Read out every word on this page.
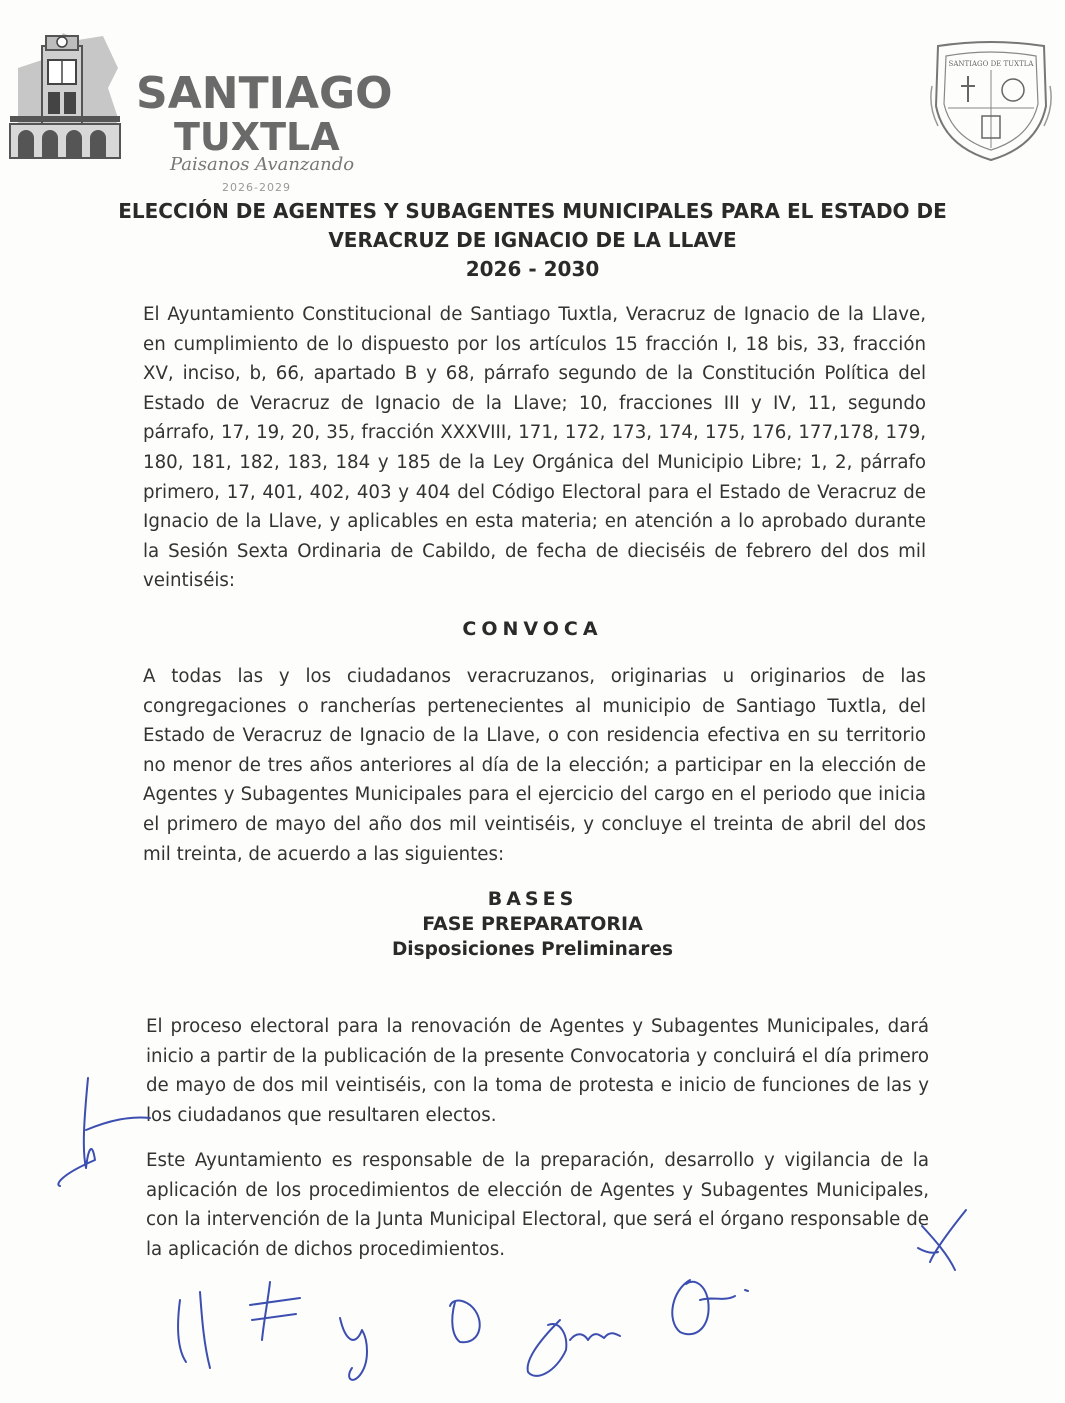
SANTIAGO
TUXTLA
Paisanos Avanzando
2026-2029
SANTIAGO DE TUXTLA
ELECCIÓN DE AGENTES Y SUBAGENTES MUNICIPALES PARA EL ESTADO DE
VERACRUZ DE IGNACIO DE LA LLAVE
2026 - 2030
El Ayuntamiento Constitucional de Santiago Tuxtla, Veracruz de Ignacio de la Llave, en cumplimiento de lo dispuesto por los artículos 15 fracción I, 18 bis, 33, fracción XV, inciso, b, 66, apartado B y 68, párrafo segundo de la Constitución Política del Estado de Veracruz de Ignacio de la Llave; 10, fracciones III y IV, 11, segundo párrafo, 17, 19, 20, 35, fracción XXXVIII, 171, 172, 173, 174, 175, 176, 177,178, 179, 180, 181, 182, 183, 184 y 185 de la Ley Orgánica del Municipio Libre; 1, 2, párrafo primero, 17, 401, 402, 403 y 404 del Código Electoral para el Estado de Veracruz de Ignacio de la Llave, y aplicables en esta materia; en atención a lo aprobado durante la Sesión Sexta Ordinaria de Cabildo, de fecha de dieciséis de febrero del dos mil veintiséis:
CONVOCA
A todas las y los ciudadanos veracruzanos, originarias u originarios de las congregaciones o rancherías pertenecientes al municipio de Santiago Tuxtla, del Estado de Veracruz de Ignacio de la Llave, o con residencia efectiva en su territorio no menor de tres años anteriores al día de la elección; a participar en la elección de Agentes y Subagentes Municipales para el ejercicio del cargo en el periodo que inicia el primero de mayo del año dos mil veintiséis, y concluye el treinta de abril del dos mil treinta, de acuerdo a las siguientes:
BASES
FASE PREPARATORIA
Disposiciones Preliminares
El proceso electoral para la renovación de Agentes y Subagentes Municipales, dará inicio a partir de la publicación de la presente Convocatoria y concluirá el día primero de mayo de dos mil veintiséis, con la toma de protesta e inicio de funciones de las y los ciudadanos que resultaren electos.
Este Ayuntamiento es responsable de la preparación, desarrollo y vigilancia de la aplicación de los procedimientos de elección de Agentes y Subagentes Municipales, con la intervención de la Junta Municipal Electoral, que será el órgano responsable de la aplicación de dichos procedimientos.
